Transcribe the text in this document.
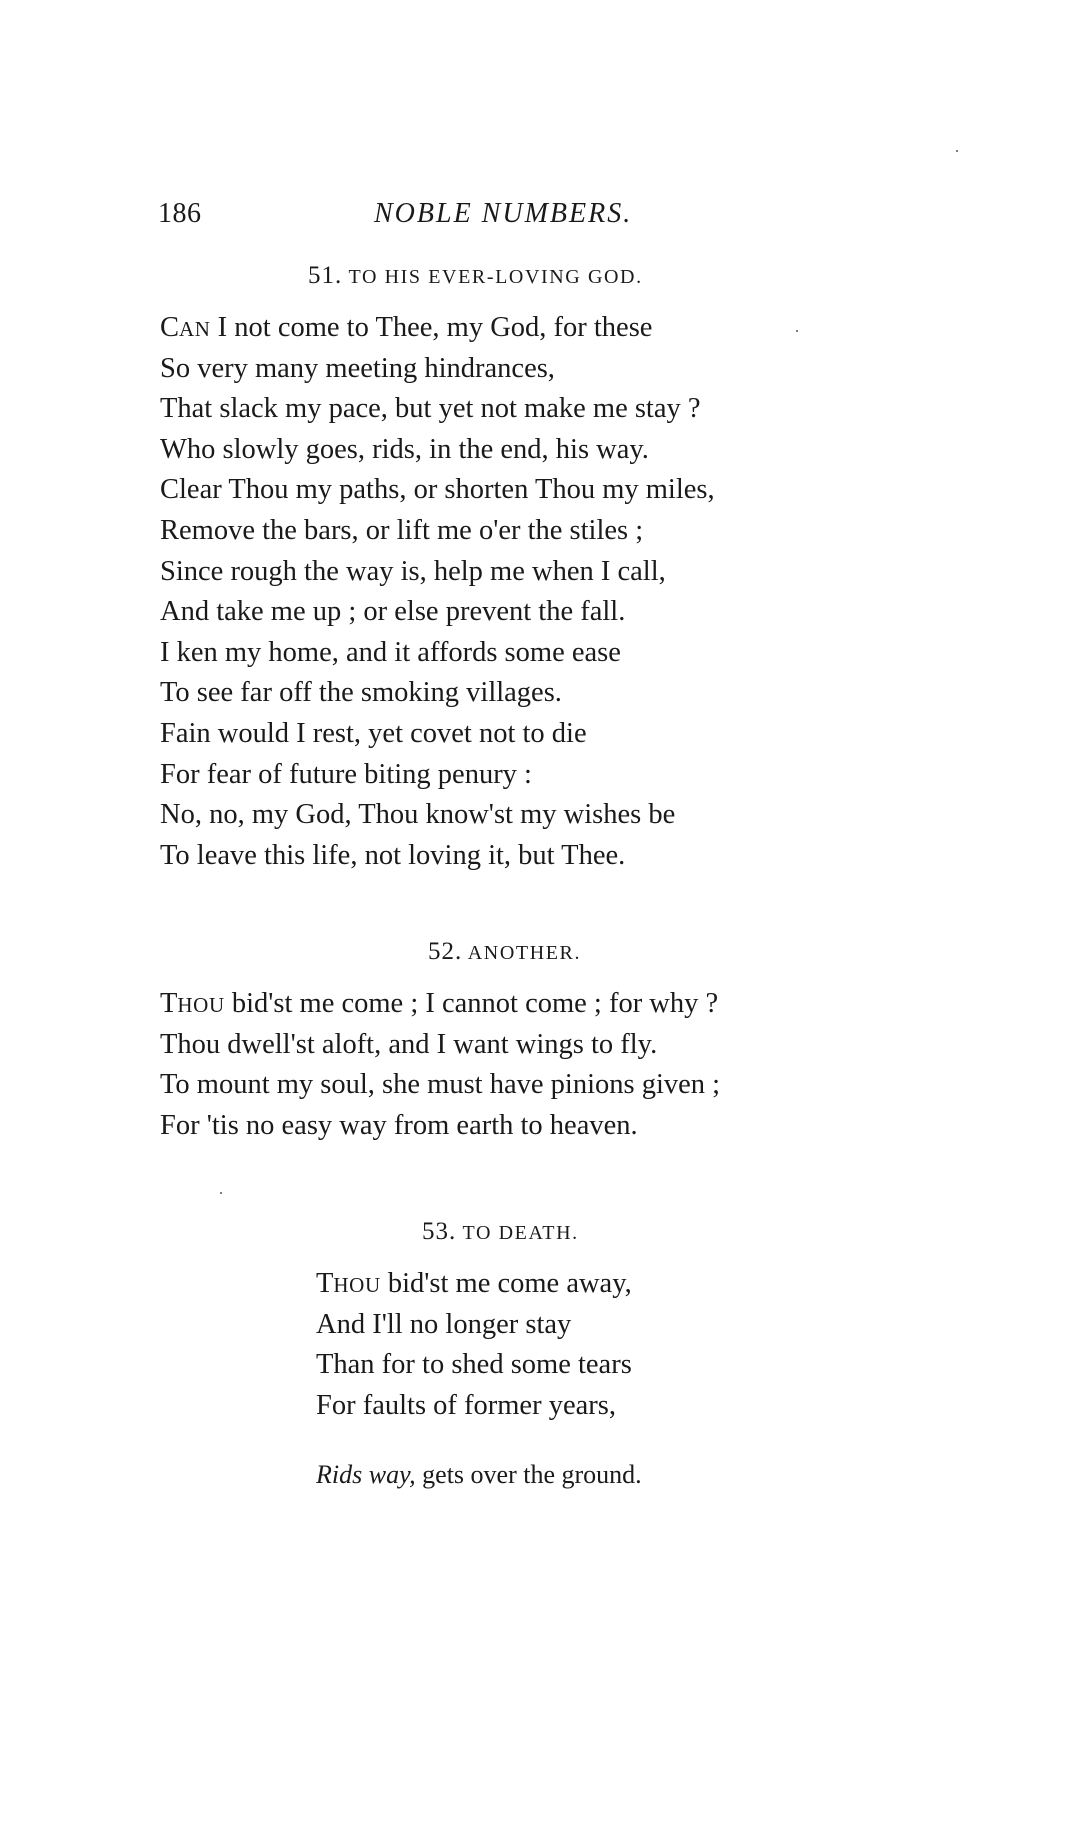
186	NOBLE NUMBERS.
51. TO HIS EVER-LOVING GOD.
CAN I not come to Thee, my God, for these
So very many meeting hindrances,
That slack my pace, but yet not make me stay ?
Who slowly goes, rids, in the end, his way.
Clear Thou my paths, or shorten Thou my miles,
Remove the bars, or lift me o'er the stiles ;
Since rough the way is, help me when I call,
And take me up ; or else prevent the fall.
I ken my home, and it affords some ease
To see far off the smoking villages.
Fain would I rest, yet covet not to die
For fear of future biting penury :
No, no, my God, Thou know'st my wishes be
To leave this life, not loving it, but Thee.
52. ANOTHER.
THOU bid'st me come ; I cannot come ; for why ?
Thou dwell'st aloft, and I want wings to fly.
To mount my soul, she must have pinions given ;
For 'tis no easy way from earth to heaven.
53. TO DEATH.
THOU bid'st me come away,
And I'll no longer stay
Than for to shed some tears
For faults of former years,
Rids way, gets over the ground.
